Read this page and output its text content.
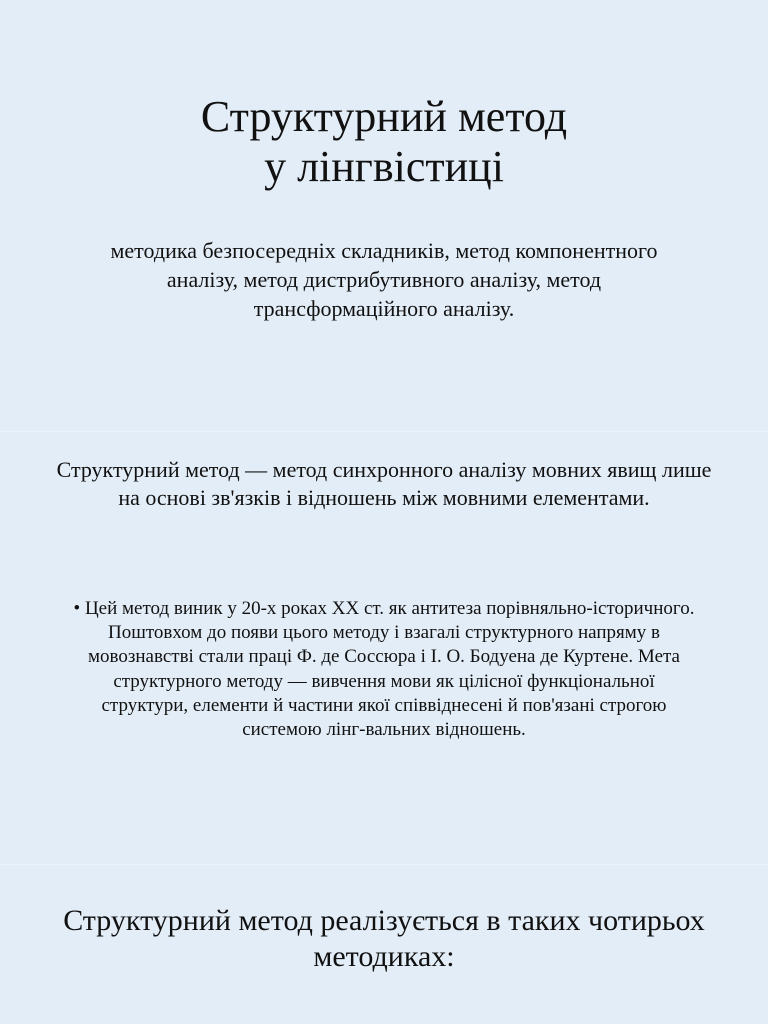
Структурний метод
у лінгвістиці

методика безпосередніх складників, метод компонентного аналізу, метод дистрибутивного аналізу, метод трансформаційного аналізу.

Структурний метод — метод синхронного аналізу мовних явищ лише на основі зв'язків і відношень між мовними елементами.

• Цей метод виник у 20-х роках XX ст. як антитеза порівняльно-історичного. Поштовхом до появи цього методу і взагалі структурного напряму в мовознавстві стали праці Ф. де Соссюра і І. О. Бодуена де Куртене. Мета структурного методу — вивчення мови як цілісної функціональної структури, елементи й частини якої співвіднесені й пов'язані строгою системою лінг-вальних відношень.

Структурний метод реалізується в таких чотирьох методиках:
